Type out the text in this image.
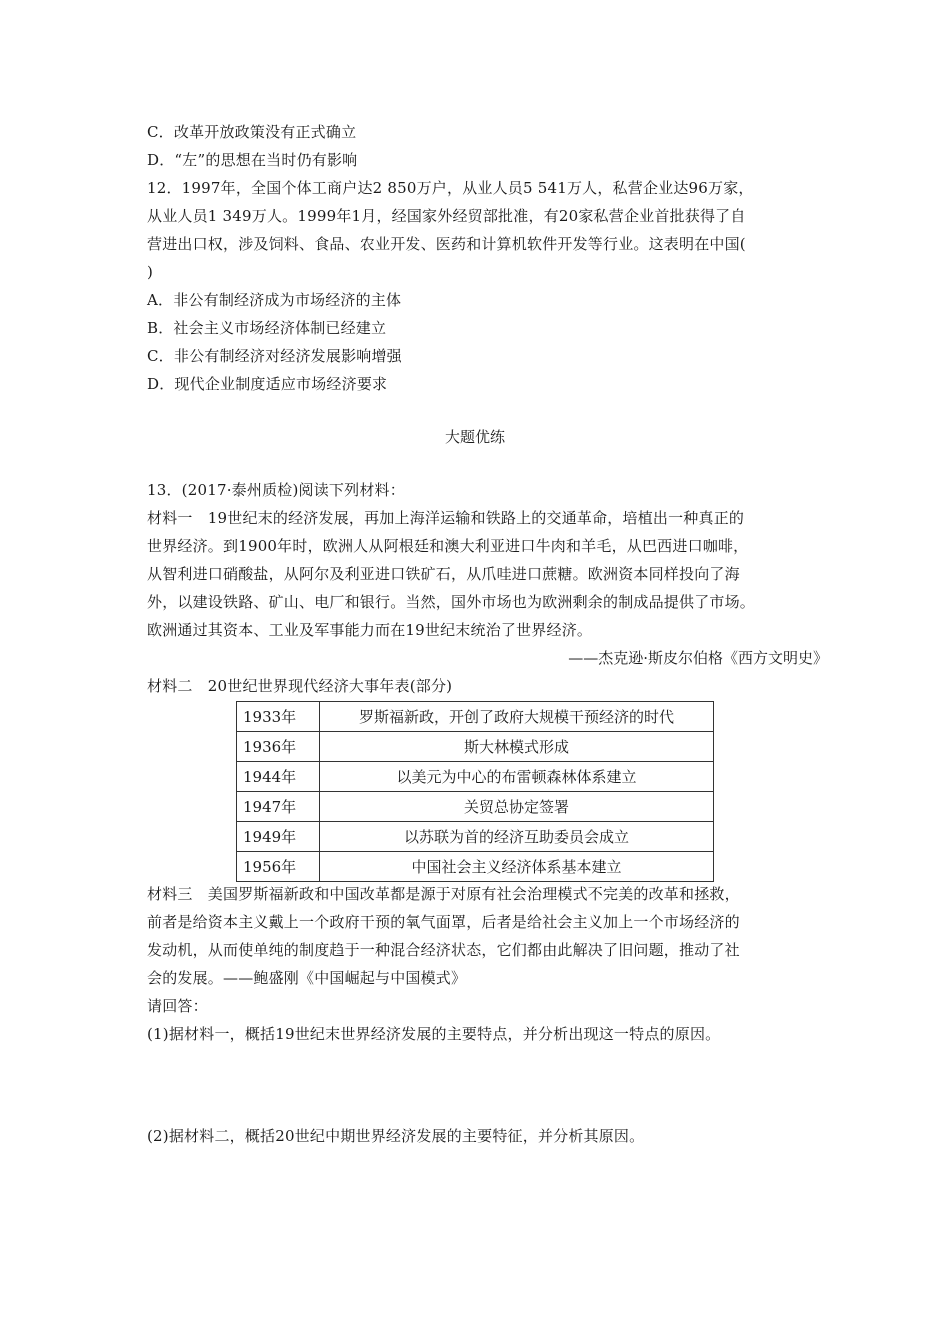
C．改革开放政策没有正式确立
D．“左”的思想在当时仍有影响
12．1997年，全国个体工商户达2 850万户，从业人员5 541万人，私营企业达96万家，
从业人员1 349万人。1999年1月，经国家外经贸部批准，有20家私营企业首批获得了自
营进出口权，涉及饲料、食品、农业开发、医药和计算机软件开发等行业。这表明在中国(
)
A．非公有制经济成为市场经济的主体
B．社会主义市场经济体制已经建立
C．非公有制经济对经济发展影响增强
D．现代企业制度适应市场经济要求
大题优练
13．(2017·泰州质检)阅读下列材料：
材料一　19世纪末的经济发展，再加上海洋运输和铁路上的交通革命，培植出一种真正的
世界经济。到1900年时，欧洲人从阿根廷和澳大利亚进口牛肉和羊毛，从巴西进口咖啡，
从智利进口硝酸盐，从阿尔及利亚进口铁矿石，从爪哇进口蔗糖。欧洲资本同样投向了海
外，以建设铁路、矿山、电厂和银行。当然，国外市场也为欧洲剩余的制成品提供了市场。
欧洲通过其资本、工业及军事能力而在19世纪末统治了世界经济。
——杰克逊·斯皮尔伯格《西方文明史》
材料二　20世纪世界现代经济大事年表(部分)
1933年	罗斯福新政，开创了政府大规模干预经济的时代
1936年	斯大林模式形成
1944年	以美元为中心的布雷顿森林体系建立
1947年	关贸总协定签署
1949年	以苏联为首的经济互助委员会成立
1956年	中国社会主义经济体系基本建立
材料三　美国罗斯福新政和中国改革都是源于对原有社会治理模式不完美的改革和拯救，
前者是给资本主义戴上一个政府干预的氧气面罩，后者是给社会主义加上一个市场经济的
发动机，从而使单纯的制度趋于一种混合经济状态，它们都由此解决了旧问题，推动了社
会的发展。——鲍盛刚《中国崛起与中国模式》
请回答：
(1)据材料一，概括19世纪末世界经济发展的主要特点，并分析出现这一特点的原因。
(2)据材料二，概括20世纪中期世界经济发展的主要特征，并分析其原因。
